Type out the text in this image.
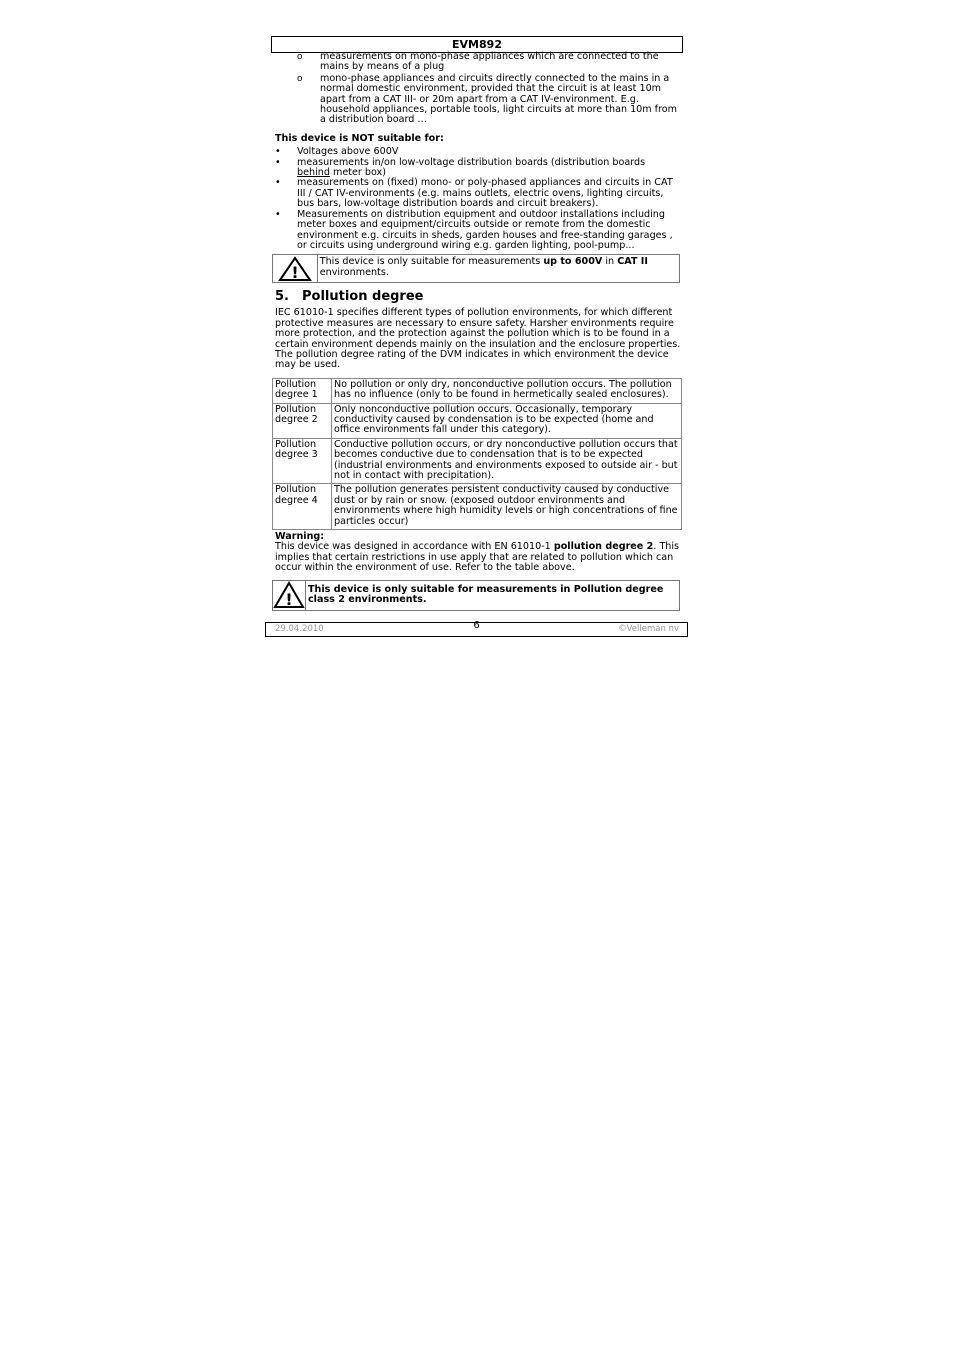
EVM892
o measurements on mono-phase appliances which are connected to the mains by means of a plug
o mono-phase appliances and circuits directly connected to the mains in a normal domestic environment, provided that the circuit is at least 10m apart from a CAT III- or 20m apart from a CAT IV-environment. E.g. household appliances, portable tools, light circuits at more than 10m from a distribution board …
This device is NOT suitable for:
• Voltages above 600V
• measurements in/on low-voltage distribution boards (distribution boards behind meter box)
• measurements on (fixed) mono- or poly-phased appliances and circuits in CAT III / CAT IV-environments (e.g. mains outlets, electric ovens, lighting circuits, bus bars, low-voltage distribution boards and circuit breakers).
• Measurements on distribution equipment and outdoor installations including meter boxes and equipment/circuits outside or remote from the domestic environment e.g. circuits in sheds, garden houses and free-standing garages , or circuits using underground wiring e.g. garden lighting, pool-pump...
!
This device is only suitable for measurements up to 600V in CAT II environments.
5. Pollution degree
IEC 61010-1 specifies different types of pollution environments, for which different protective measures are necessary to ensure safety. Harsher environments require more protection, and the protection against the pollution which is to be found in a certain environment depends mainly on the insulation and the enclosure properties. The pollution degree rating of the DVM indicates in which environment the device may be used.
Pollution degree 1	No pollution or only dry, nonconductive pollution occurs. The pollution has no influence (only to be found in hermetically sealed enclosures).
Pollution degree 2	Only nonconductive pollution occurs. Occasionally, temporary conductivity caused by condensation is to be expected (home and office environments fall under this category).
Pollution degree 3	Conductive pollution occurs, or dry nonconductive pollution occurs that becomes conductive due to condensation that is to be expected (industrial environments and environments exposed to outside air - but not in contact with precipitation).
Pollution degree 4	The pollution generates persistent conductivity caused by conductive dust or by rain or snow. (exposed outdoor environments and environments where high humidity levels or high concentrations of fine particles occur)
Warning:
This device was designed in accordance with EN 61010-1 pollution degree 2. This implies that certain restrictions in use apply that are related to pollution which can occur within the environment of use. Refer to the table above.
!
This device is only suitable for measurements in Pollution degree class 2 environments.
29.04.2010	6	©Velleman nv
